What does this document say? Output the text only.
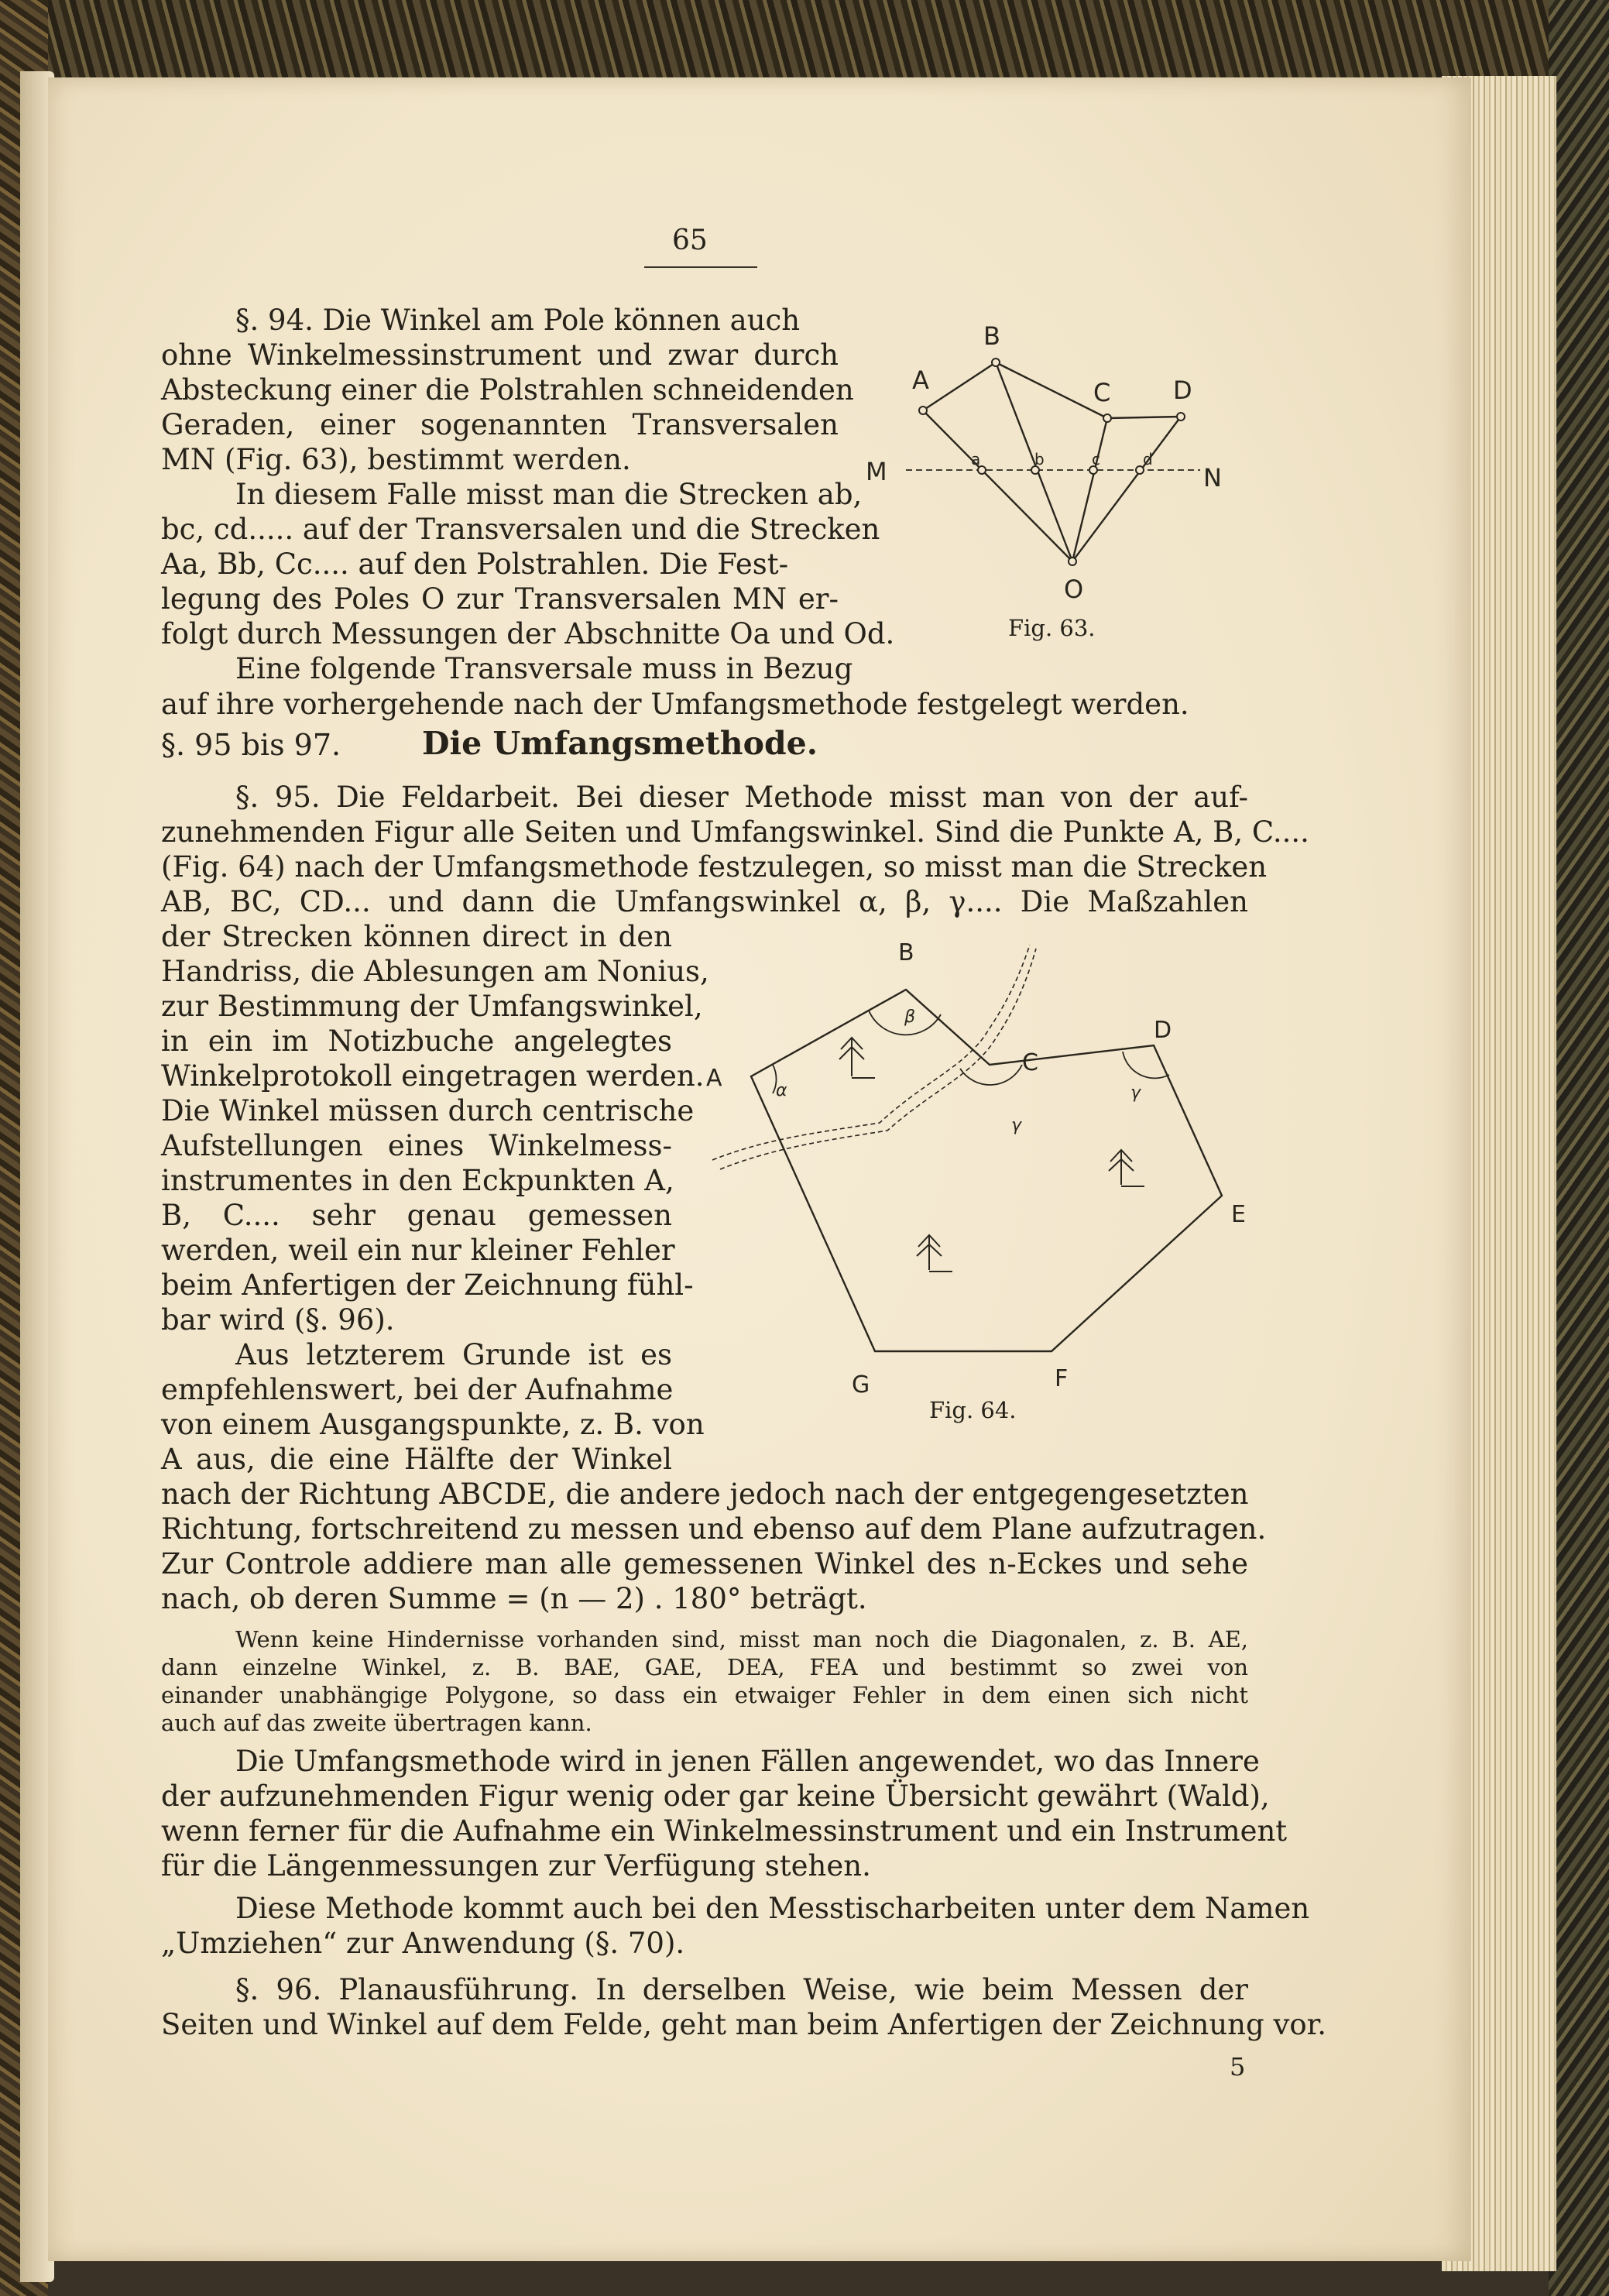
65
§. 94. Die Winkel am Pole können auch
ohne Winkelmessinstrument und zwar durch
Absteckung einer die Polstrahlen schneidenden
Geraden, einer sogenannten Transversalen
MN (Fig. 63), bestimmt werden.
In diesem Falle misst man die Strecken ab,
bc, cd..... auf der Transversalen und die Strecken
Aa, Bb, Cc.... auf den Polstrahlen. Die Fest-
legung des Poles O zur Transversalen MN er-
folgt durch Messungen der Abschnitte Oa und Od.
Eine folgende Transversale muss in Bezug
auf ihre vorhergehende nach der Umfangsmethode festgelegt werden.
B
A	C	D
M	N
O
a	b	c	d
Fig. 63.
§. 95 bis 97.	Die Umfangsmethode.
§. 95. Die Feldarbeit. Bei dieser Methode misst man von der auf-
zunehmenden Figur alle Seiten und Umfangswinkel. Sind die Punkte A, B, C....
(Fig. 64) nach der Umfangsmethode festzulegen, so misst man die Strecken
AB, BC, CD... und dann die Umfangswinkel α, β, γ.... Die Maßzahlen
der Strecken können direct in den
Handriss, die Ablesungen am Nonius,
zur Bestimmung der Umfangswinkel,
in ein im Notizbuche angelegtes
Winkelprotokoll eingetragen werden.
Die Winkel müssen durch centrische
Aufstellungen eines Winkelmess-
instrumentes in den Eckpunkten A,
B, C.... sehr genau gemessen
werden, weil ein nur kleiner Fehler
beim Anfertigen der Zeichnung fühl-
bar wird (§. 96).
Aus letzterem Grunde ist es
empfehlenswert, bei der Aufnahme
von einem Ausgangspunkte, z. B. von
A aus, die eine Hälfte der Winkel
B
A
C
D
E
F
G
α
β
γ
γ
Fig. 64.
nach der Richtung ABCDE, die andere jedoch nach der entgegengesetzten
Richtung, fortschreitend zu messen und ebenso auf dem Plane aufzutragen.
Zur Controle addiere man alle gemessenen Winkel des n-Eckes und sehe
nach, ob deren Summe = (n — 2) . 180° beträgt.
Wenn keine Hindernisse vorhanden sind, misst man noch die Diagonalen, z. B. AE,
dann einzelne Winkel, z. B. BAE, GAE, DEA, FEA und bestimmt so zwei von
einander unabhängige Polygone, so dass ein etwaiger Fehler in dem einen sich nicht
auch auf das zweite übertragen kann.
Die Umfangsmethode wird in jenen Fällen angewendet, wo das Innere
der aufzunehmenden Figur wenig oder gar keine Übersicht gewährt (Wald),
wenn ferner für die Aufnahme ein Winkelmessinstrument und ein Instrument
für die Längenmessungen zur Verfügung stehen.
Diese Methode kommt auch bei den Messtischarbeiten unter dem Namen
„Umziehen“ zur Anwendung (§. 70).
§. 96. Planausführung. In derselben Weise, wie beim Messen der
Seiten und Winkel auf dem Felde, geht man beim Anfertigen der Zeichnung vor.
5
